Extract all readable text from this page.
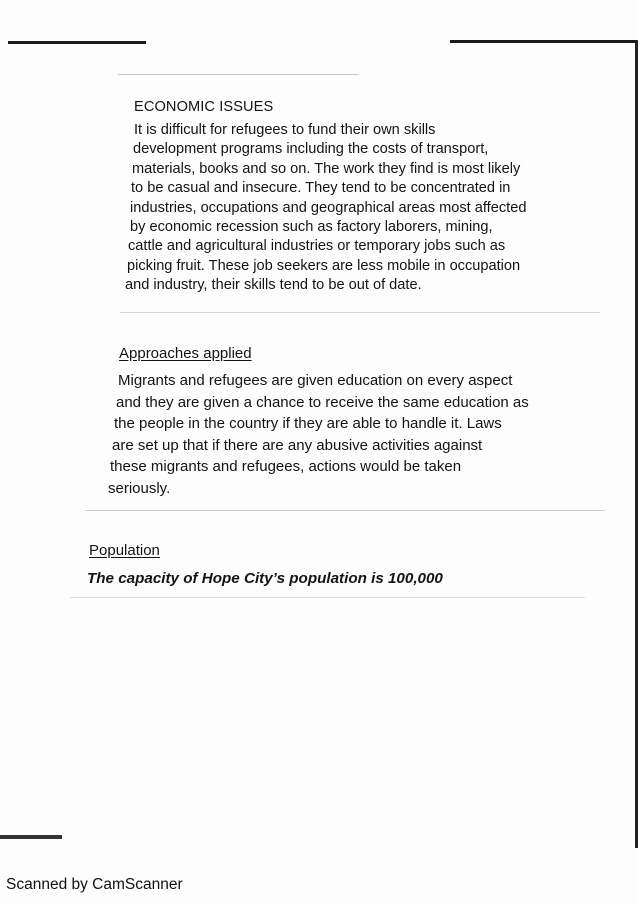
ECONOMIC ISSUES
It is difficult for refugees to fund their own skills
development programs including the costs of transport,
materials, books and so on. The work they find is most likely
to be casual and insecure. They tend to be concentrated in
industries, occupations and geographical areas most affected
by economic recession such as factory laborers, mining,
cattle and agricultural industries or temporary jobs such as
picking fruit. These job seekers are less mobile in occupation
and industry, their skills tend to be out of date.
Approaches applied
Migrants and refugees are given education on every aspect
and they are given a chance to receive the same education as
the people in the country if they are able to handle it. Laws
are set up that if there are any abusive activities against
these migrants and refugees, actions would be taken
seriously.
Population
The capacity of Hope City’s population is 100,000
Scanned by CamScanner
